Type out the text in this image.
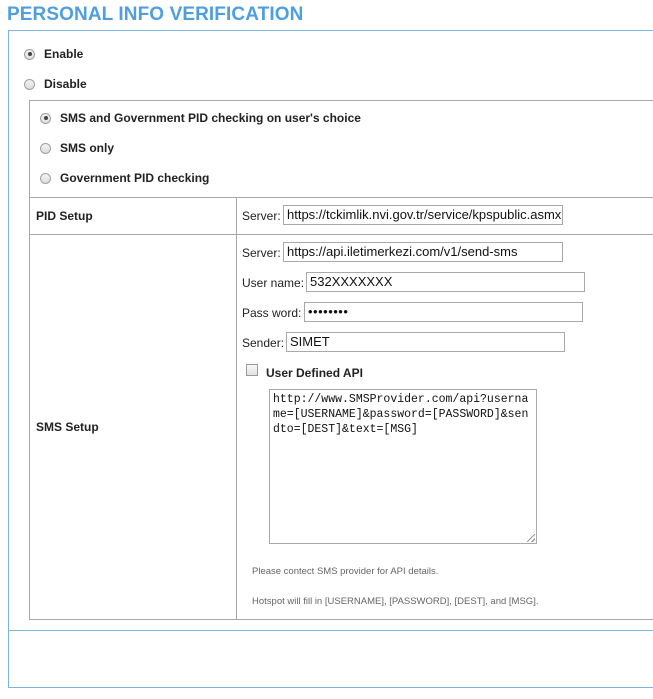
PERSONAL INFO VERIFICATION
Enable
Disable
SMS and Government PID checking on user's choice
SMS only
Government PID checking
PID Setup	Server: https://tckimlik.nvi.gov.tr/service/kpspublic.asmx
SMS Setup
Server: https://api.iletimerkezi.com/v1/send-sms
User name: 532XXXXXXX
Pass word: ••••••••
Sender: SIMET
User Defined API
http://www.SMSProvider.com/api?username=[USERNAME]&password=[PASSWORD]&sendto=[DEST]&text=[MSG]
Please contect SMS provider for API details.
Hotspot will fill in [USERNAME], [PASSWORD], [DEST], and [MSG].
